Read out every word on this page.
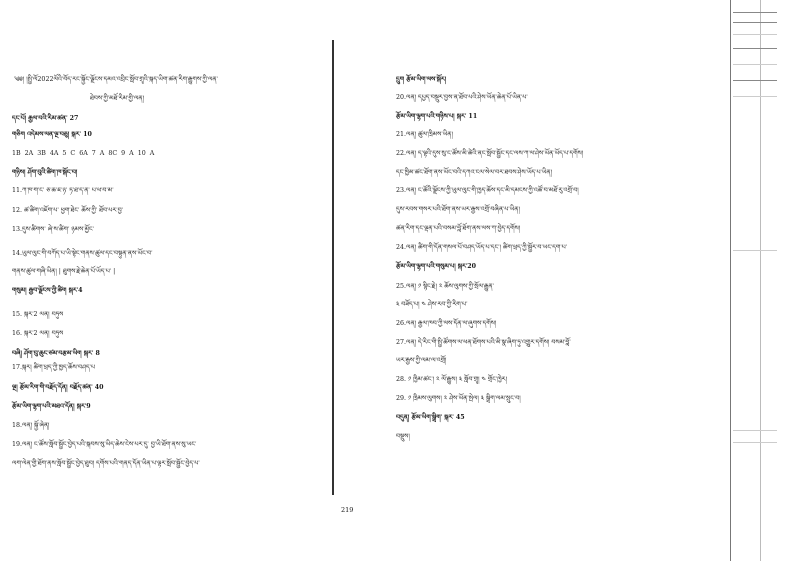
༄༅། །སྤྱི་ལོ2022ལོའི་བོད་རང་སྐྱོང་ལྗོངས་དམའ་འབྲིང་སློབ་གྲྭའི་སྐད་ཡིག་ཚན་རིག་རྒྱུགས་ཀྱི་ལན་
ཐེབས་ཀྱི་མཐོ་རིམ་གྱི་ལན།
དང་པོ། རྒྱལ་བའི་རིམ་ཚན་ 27
གཅིག འདེམས་ལན་ལྔ་བཅུ། སྐར་ 10
1B 2A 3B 4A 5 C 6A 7 A 8C 9 A 10 A
གཉིས། ཤོག་བུའི་ཚིག་ཁ་སྐོང་བ།
11.ཀ་ཁ་ག་ང་ ཅ་ཆ་ཇ་ཉ་ ཏ་ཐ་ད་ན་ པ་ཕ་བ་མ་
12. ཚ་ཚིག་འཇོག་པ་ ཕྱག་ཐེང་ ཆོས་ཀྱི་ ཐོབ་པར་བྱ་
13.དུས་ཚིགས་ ཞེ་ས་ཚིག་ ཉམས་མྱོང་
14.ཡུལ་ལུང་གི་བཀོད་པ་ཡི་སྟེང་གནས་ཚུལ་དང་བསྟུན་ནས་ཡོང་བ་
གནས་ཚུལ་གཞི་ཡིན། | ཐུགས་རྗེ་ཆེན་པོ་ཡོད་པ་ |
གསུམ། རྒྱབ་ལྗོངས་ཀྱི་ཚིག སྐར་4
15. སྐར་2 ལན། བཏུས
16. སྐར་2 ལན། བཏུས
བཞི། ཤོག་བུ་ཆུང་ཙམ་བརྩམ་ཡིག སྐར་ 8
17.སྐར། ཚིག་ཕྲད་ཀྱི་ཁྱད་ཆོས་བཤད་པ
ལྔ། རྩོམ་རིག་གི་བརྗོད་དོན། བརྗོད་ཚན་ 40
རྩོམ་ཡིག་ལྷག་པའི་མཐའ་དོན། སྐར་9
18.ལན། སྐྱོ་ཞེན།
19.ལན། ང་ཚོས་སློབ་སྦྱོང་བྱེད་པའི་སྐབས་སུ་ཡིད་ཆེས་ངེས་པར་དུ་ བྱ་ཡི་ཐོག་ནས་སུ་ཡང་
ལག་ལེན་གྱི་ཐོག་ནས་སློབ་སྦྱོང་བྱེད་ཐུབ། དགོས་པའི་གནད་དོན་ཡིན་པ་ལྟར་སློབ་སྦྱོང་བྱེད་པ་
དྲུག རྩོམ་ཡིག་ལས་སྐོར།
20.ལན། དཔྱད་བསྡུར་བྱས་ན་ཐོབ་པའི་ཤེས་ཡོན་ཆེན་པོ་ཡིན་པ་
རྩོམ་ཡིག་ལྷག་པའི་གཉིས་པ། སྐར་ 11
21.ལན། ཚུལ་ཁྲིམས་ཡིན།
22.ལན། ད་ལྟའི་དུས་སུ་ང་ཚོས་མི་ཚེའི་ནང་སློབ་སྦྱོང་དང་ལས་ཀ་ལ་ཤེས་ཡོན་ཡོད་པ་དགོས།
དང་ཁྱིམ་ཚང་ཐོག་ནས་ཡོང་བའི་དཀའ་ངལ་སེལ་བར་ཐབས་ཤེས་ཡོད་པ་ཡིན།
23.ལན། ང་ཚོའི་ལྗོངས་ཀྱི་ཡུལ་ལུང་གི་ཁྱད་ཆོས་དང་མི་དམངས་ཀྱི་འཚོ་བ་མཐོ་རུ་འགྲོ་བ།
དུས་རབས་གསར་པའི་ཐོག་ནས་ཡར་རྒྱས་འགྲོ་བཞིན་པ་ཡིན།
ཚན་རིག་དང་ལྡན་པའི་བསམ་བློ་ཐོག་ནས་ལས་ཀ་བྱེད་དགོས།
24.ལན། ཚིག་གི་དོན་གསལ་པོ་བཤད་ཡོད་པ་དང་། ཚིག་ཕྲད་ཀྱི་སྦྱོར་བ་ཡང་དག་པ་
རྩོམ་ཡིག་ལྷག་པའི་གསུམ་པ། སྐར་20
25.ལན། ༡ སྙིང་རྗེ། ༢ ཆོས་ལུགས་ཀྱི་སྲོལ་རྒྱུན་
༣ བཟོད་པ། ༤ ཤེས་རབ་ཀྱི་རིག་པ་
26.ལན། རྒྱལ་ཁབ་ཀྱི་ལས་དོན་ལ་ཞུགས་དགོས།
27.ལན། དེ་རིང་གི་སྤྱི་ཚོགས་ལ་ཕན་ཐོགས་པའི་མི་སྣ་ཞིག་ཏུ་འགྱུར་དགོས། བསམ་བློ་
ཡར་རྒྱས་ཀྱི་ལམ་ལ་འགྲོ།
28. ༡ ཁྱིམ་ཚང་། ༢ ལོ་རྒྱུས། ༣ སློབ་གྲྭ། ༤ གྲོང་ཁྱེར།
29. ༡ ཁྲིམས་ལུགས། ༢ ཤེས་ཡོན་སྤེལ། ༣ སྒྲིག་ལམ་སྲུང་བ།
བདུན། རྩོམ་ཡིག་སྒྲིག་ སྐར་ 45
བསྡུས།
219
